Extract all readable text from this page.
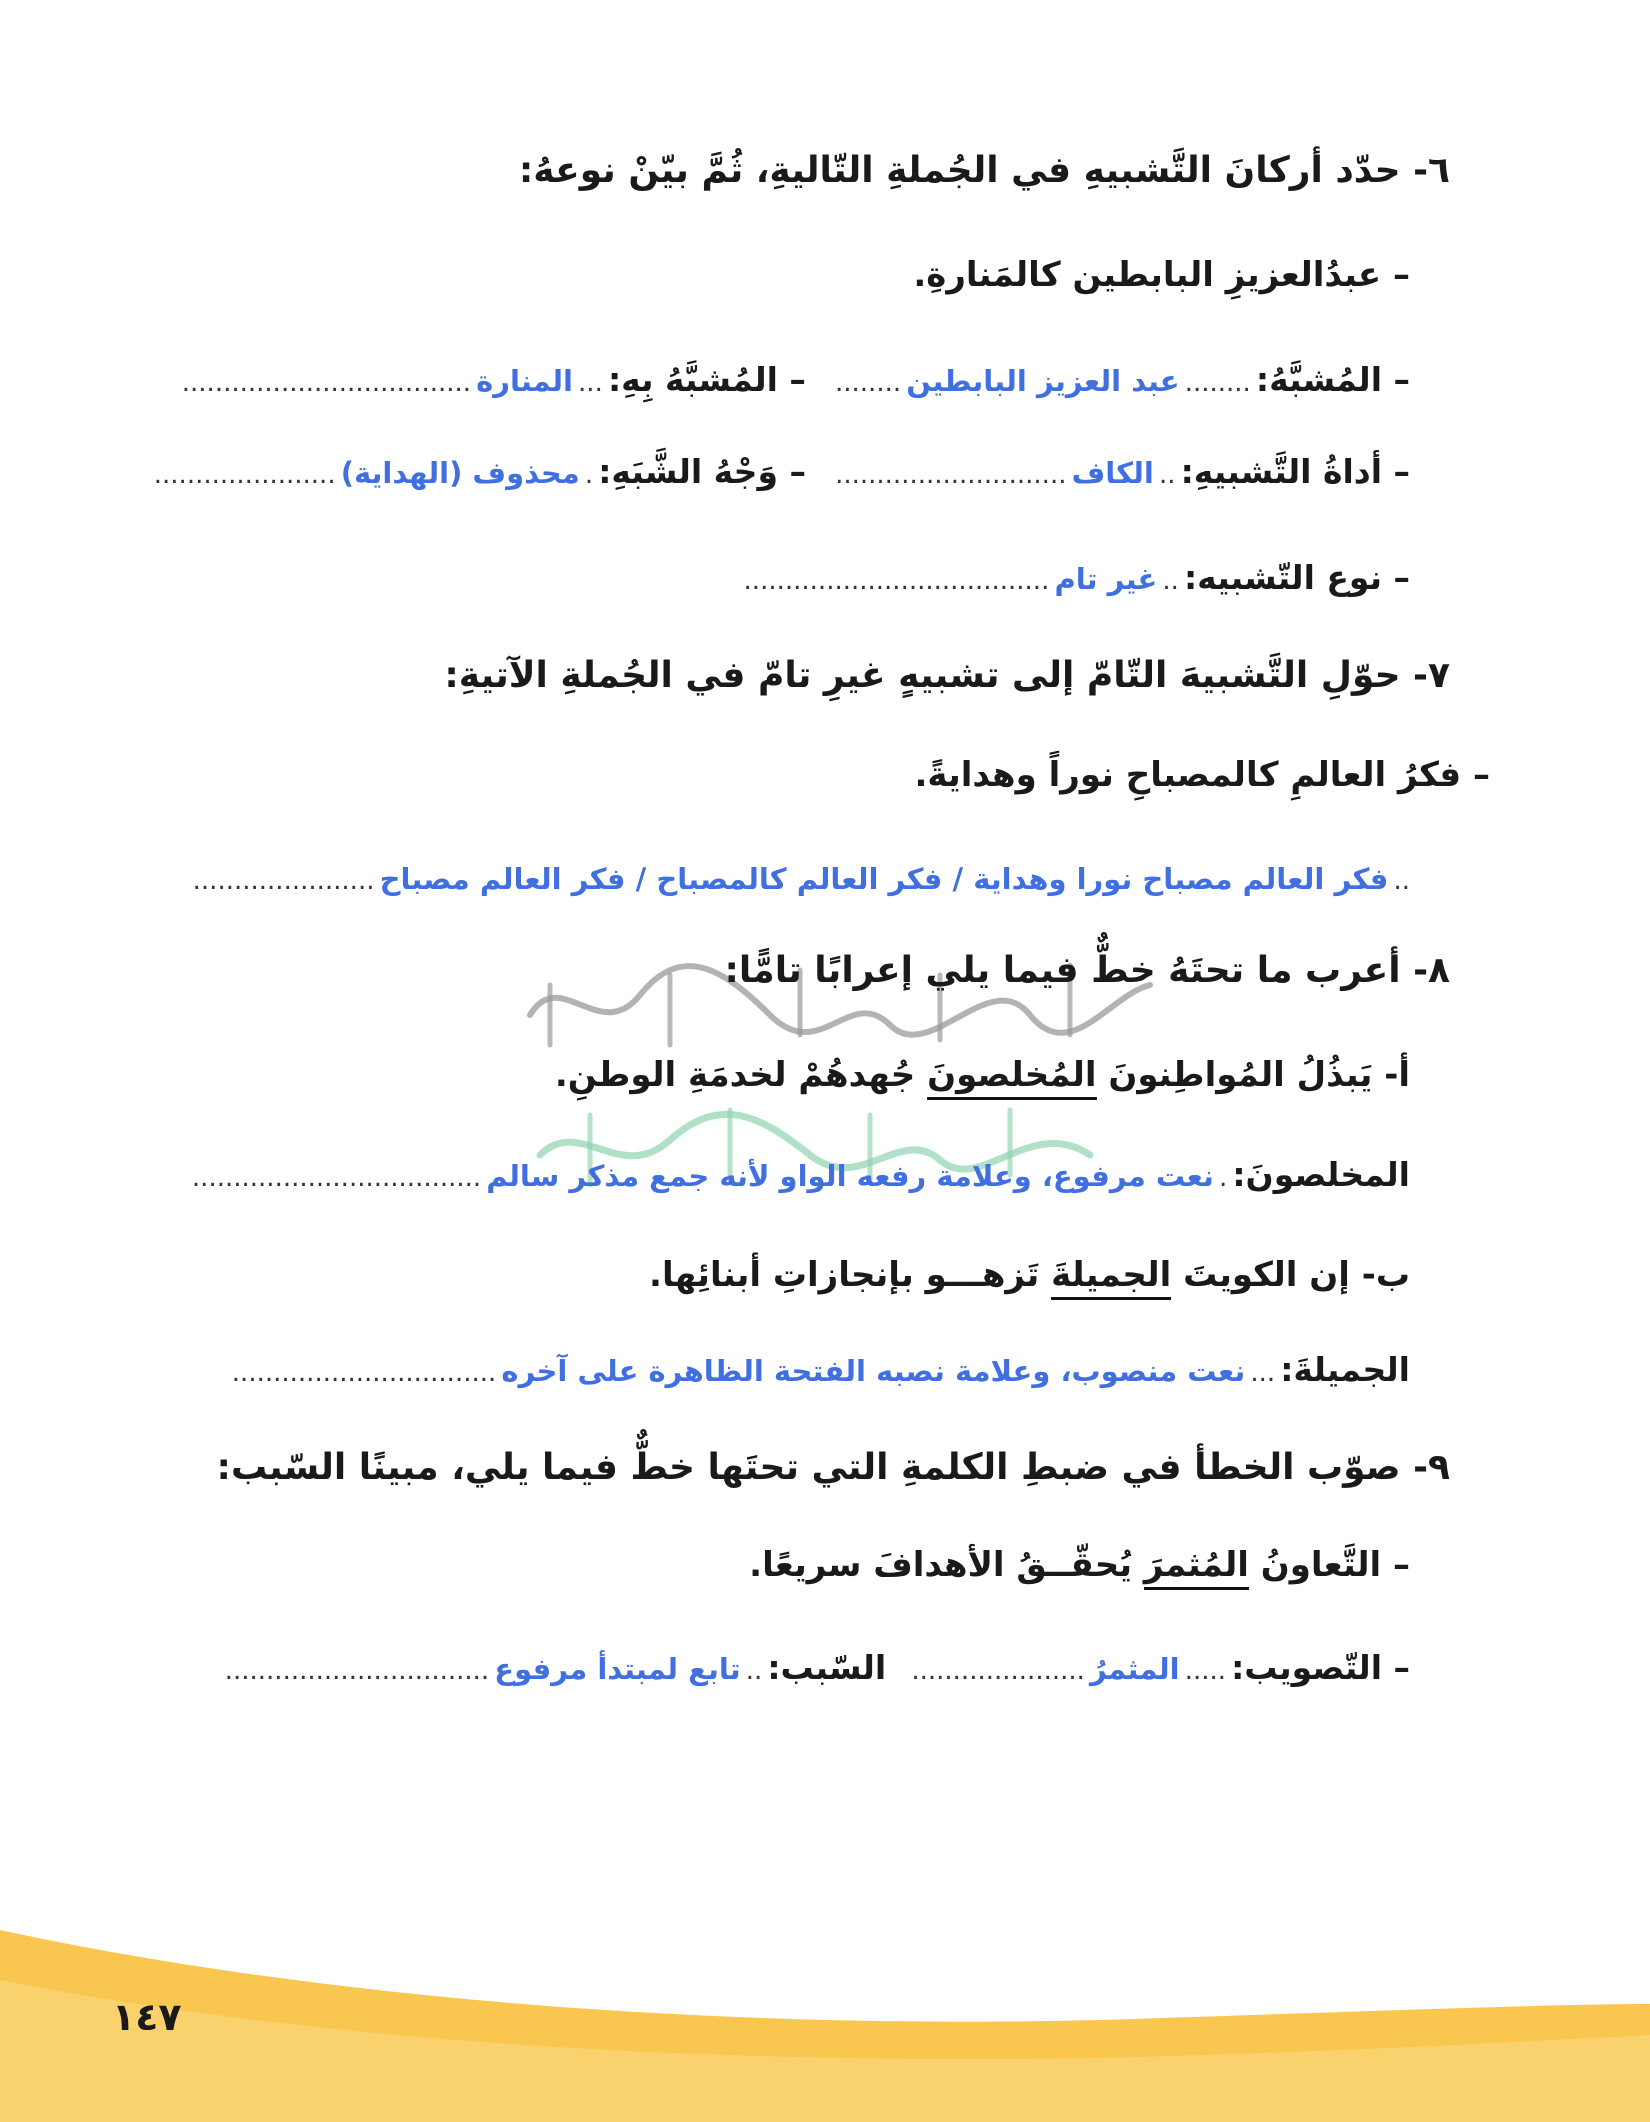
٦- حدّد أركانَ التَّشبيهِ في الجُملةِ التّاليةِ، ثُمَّ بيّنْ نوعهُ:
– عبدُالعزيزِ البابطين كالمَنارةِ.
– المُشبَّهُ: ........ عبد العزيز البابطين ........ – المُشبَّهُ بِهِ: ... المنارة ...................................
– أداةُ التَّشبيهِ: .. الكاف ............................ – وَجْهُ الشَّبَهِ: . محذوف (الهداية) ......................
– نوع التّشبيه: .. غير تام .....................................
٧- حوّلِ التَّشبيهَ التّامّ إلى تشبيهٍ غيرِ تامّ في الجُملةِ الآتيةِ:
– فكرُ العالمِ كالمصباحِ نوراً وهدايةً.
.. فكر العالم مصباح نورا وهداية / فكر العالم كالمصباح / فكر العالم مصباح ......................
٨- أعرب ما تحتَهُ خطٌّ فيما يلي إعرابًا تامًّا:
أ- يَبذُلُ المُواطِنونَ المُخلصونَ جُهدهُمْ لخدمَةِ الوطنِ.
المخلصونَ: . نعت مرفوع، وعلامة رفعه الواو لأنه جمع مذكر سالم ...................................
ب- إن الكويتَ الجميلةَ تَزهـــو بإنجازاتِ أبنائِها.
الجميلةَ: ... نعت منصوب، وعلامة نصبه الفتحة الظاهرة على آخره ................................
٩- صوّب الخطأ في ضبطِ الكلمةِ التي تحتَها خطٌّ فيما يلي، مبينًا السّبب:
– التَّعاونُ المُثمرَ يُحقّــقُ الأهدافَ سريعًا.
– التّصويب: ..... المثمرُ ..................... السّبب: .. تابع لمبتدأ مرفوع ................................
١٤٧
